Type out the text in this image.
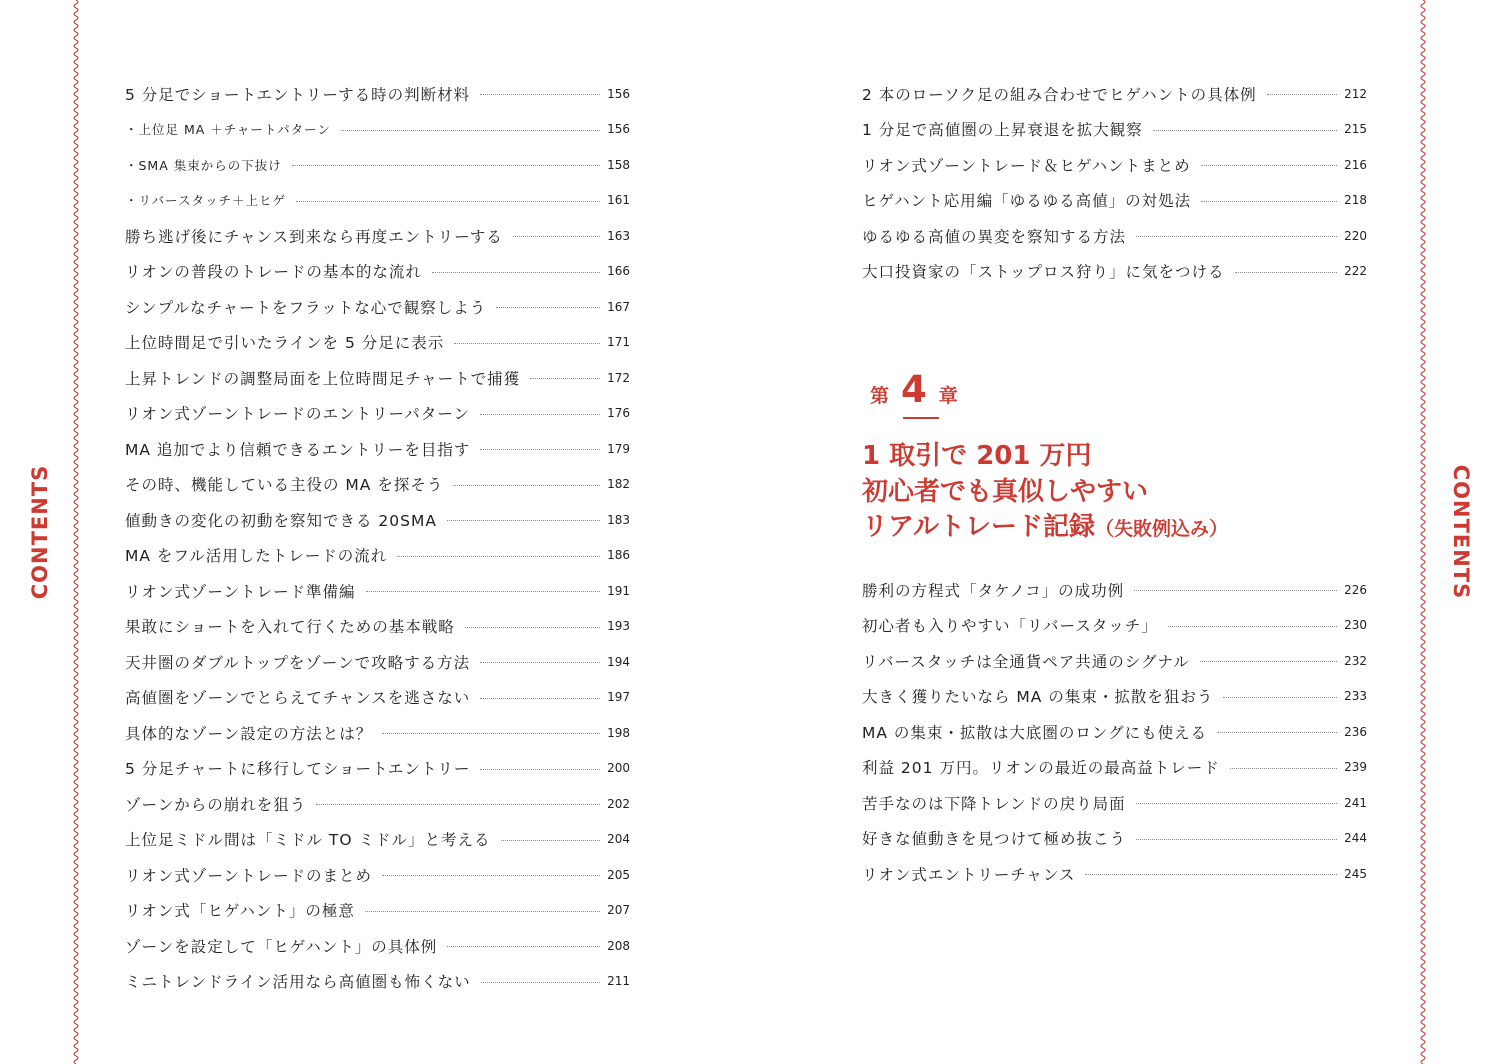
CONTENTS	CONTENTS
5 分足でショートエントリーする時の判断材料	156
・上位足 MA ＋チャートパターン	156
・SMA 集束からの下抜け	158
・リバースタッチ＋上ヒゲ	161
勝ち逃げ後にチャンス到来なら再度エントリーする	163
リオンの普段のトレードの基本的な流れ	166
シンプルなチャートをフラットな心で観察しよう	167
上位時間足で引いたラインを 5 分足に表示	171
上昇トレンドの調整局面を上位時間足チャートで捕獲	172
リオン式ゾーントレードのエントリーパターン	176
MA 追加でより信頼できるエントリーを目指す	179
その時、機能している主役の MA を探そう	182
値動きの変化の初動を察知できる 20SMA	183
MA をフル活用したトレードの流れ	186
リオン式ゾーントレード準備編	191
果敢にショートを入れて行くための基本戦略	193
天井圏のダブルトップをゾーンで攻略する方法	194
高値圏をゾーンでとらえてチャンスを逃さない	197
具体的なゾーン設定の方法とは？	198
5 分足チャートに移行してショートエントリー	200
ゾーンからの崩れを狙う	202
上位足ミドル間は「ミドル TO ミドル」と考える	204
リオン式ゾーントレードのまとめ	205
リオン式「ヒゲハント」の極意	207
ゾーンを設定して「ヒゲハント」の具体例	208
ミニトレンドライン活用なら高値圏も怖くない	211
2 本のローソク足の組み合わせでヒゲハントの具体例	212
1 分足で高値圏の上昇衰退を拡大観察	215
リオン式ゾーントレード＆ヒゲハントまとめ	216
ヒゲハント応用編「ゆるゆる高値」の対処法	218
ゆるゆる高値の異変を察知する方法	220
大口投資家の「ストップロス狩り」に気をつける	222
第 4 章
1 取引で 201 万円
初心者でも真似しやすい
リアルトレード記録（失敗例込み）
勝利の方程式「タケノコ」の成功例	226
初心者も入りやすい「リバースタッチ」	230
リバースタッチは全通貨ペア共通のシグナル	232
大きく獲りたいなら MA の集束・拡散を狙おう	233
MA の集束・拡散は大底圏のロングにも使える	236
利益 201 万円。リオンの最近の最高益トレード	239
苦手なのは下降トレンドの戻り局面	241
好きな値動きを見つけて極め抜こう	244
リオン式エントリーチャンス	245
